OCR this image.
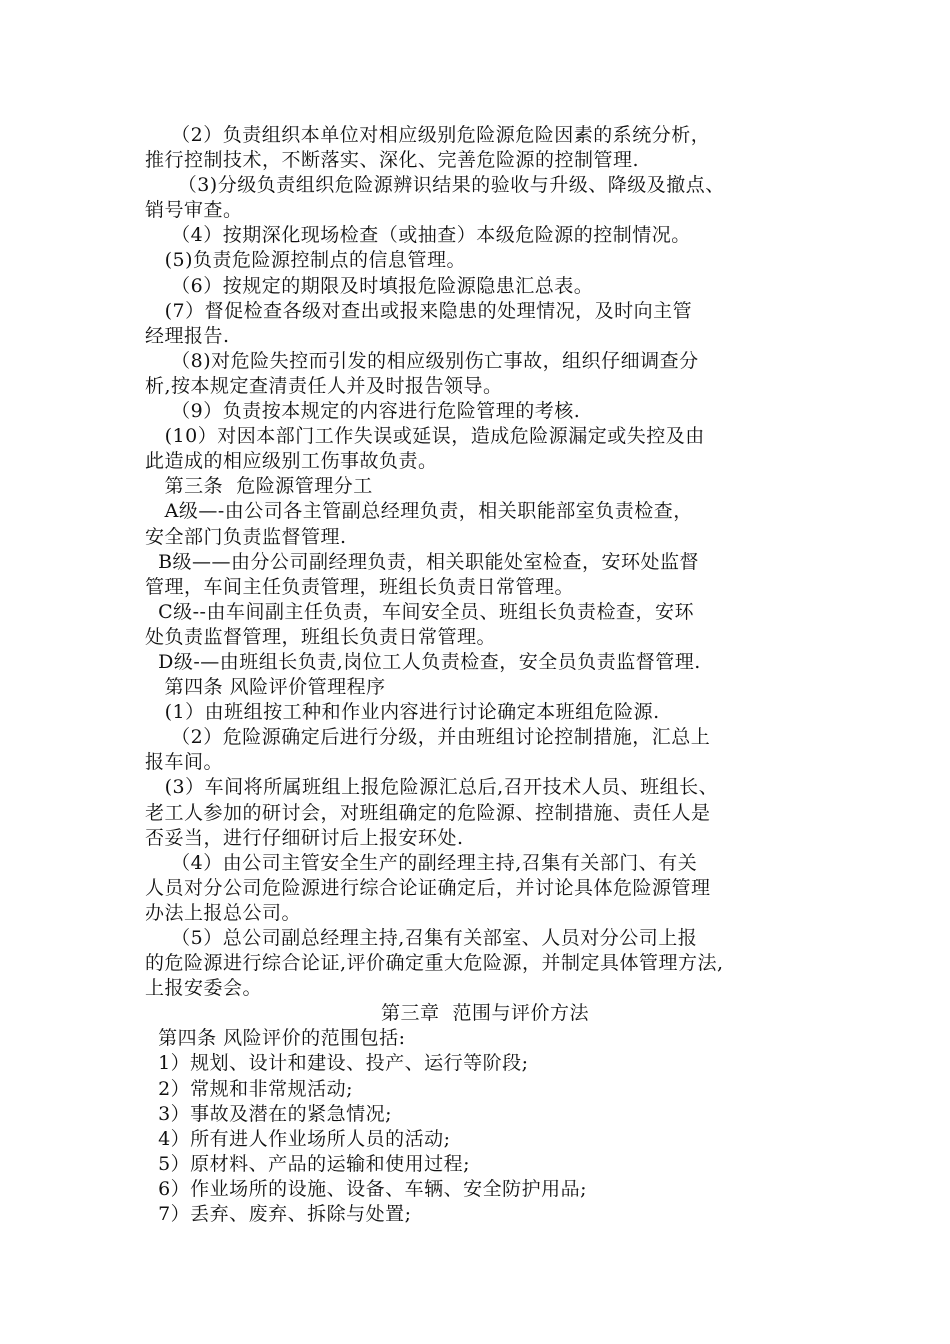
（2）负责组织本单位对相应级别危险源危险因素的系统分析，
推行控制技术，不断落实、深化、完善危险源的控制管理.
（3)分级负责组织危险源辨识结果的验收与升级、降级及撤点、
销号审查。
（4）按期深化现场检查（或抽查）本级危险源的控制情况。
(5)负责危险源控制点的信息管理。
（6）按规定的期限及时填报危险源隐患汇总表。
(7）督促检查各级对查出或报来隐患的处理情况，及时向主管
经理报告.
（8)对危险失控而引发的相应级别伤亡事故，组织仔细调查分
析,按本规定查清责任人并及时报告领导。
（9）负责按本规定的内容进行危险管理的考核.
(10）对因本部门工作失误或延误，造成危险源漏定或失控及由
此造成的相应级别工伤事故负责。
第三条  危险源管理分工
A级—-由公司各主管副总经理负责，相关职能部室负责检查，
安全部门负责监督管理.
B级——由分公司副经理负责，相关职能处室检查，安环处监督
管理，车间主任负责管理，班组长负责日常管理。
C级--由车间副主任负责，车间安全员、班组长负责检查，安环
处负责监督管理，班组长负责日常管理。
D级-—由班组长负责,岗位工人负责检查，安全员负责监督管理.
第四条 风险评价管理程序
(1）由班组按工种和作业内容进行讨论确定本班组危险源.
（2）危险源确定后进行分级，并由班组讨论控制措施，汇总上
报车间。
(3）车间将所属班组上报危险源汇总后,召开技术人员、班组长、
老工人参加的研讨会，对班组确定的危险源、控制措施、责任人是
否妥当，进行仔细研讨后上报安环处.
（4）由公司主管安全生产的副经理主持,召集有关部门、有关
人员对分公司危险源进行综合论证确定后，并讨论具体危险源管理
办法上报总公司。
（5）总公司副总经理主持,召集有关部室、人员对分公司上报
的危险源进行综合论证,评价确定重大危险源，并制定具体管理方法,
上报安委会。
第三章  范围与评价方法
第四条 风险评价的范围包括:
1）规划、设计和建设、投产、运行等阶段;
2）常规和非常规活动;
3）事故及潜在的紧急情况;
4）所有进人作业场所人员的活动;
5）原材料、产品的运输和使用过程;
6）作业场所的设施、设备、车辆、安全防护用品;
7）丢弃、废弃、拆除与处置;
